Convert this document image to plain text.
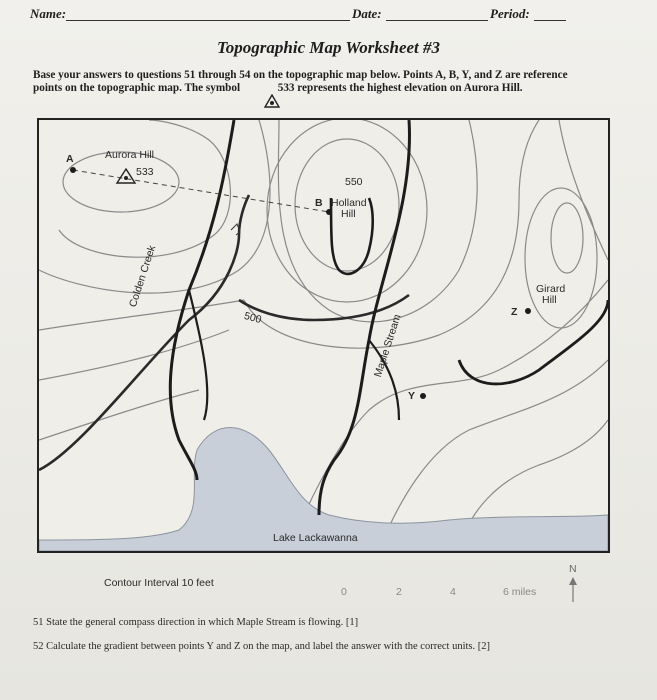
Name:	Date:	Period:
Topographic Map Worksheet #3
Base your answers to questions 51 through 54 on the topographic map below. Points A, B, Y, and Z are reference
points on the topographic map. The symbol	533 represents the highest elevation on Aurora Hill.
A	Aurora Hill
533
550
B Holland
Hill
Girard
Hill
Z
Y
500
Colden Creek
Maple Stream
Lake Lackawanna
Contour Interval 10 feet
0	2	4	6 miles
N
51 State the general compass direction in which Maple Stream is flowing. [1]
52 Calculate the gradient between points Y and Z on the map, and label the answer with the correct units. [2]
